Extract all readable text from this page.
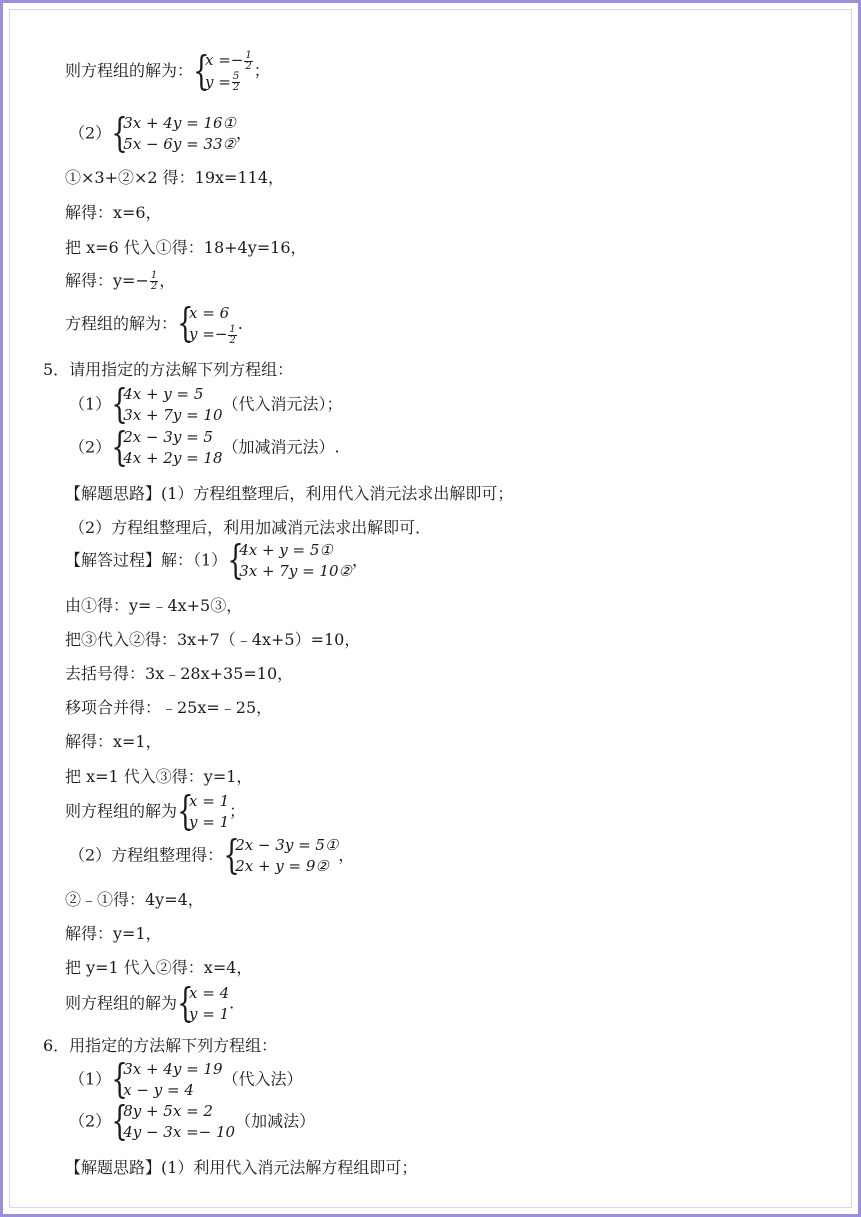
则方程组的解为：
{ $x =- \frac{1}{2}$
$y = \frac{5}{2}$
；
（2）
{ 3x + 4y = 16①
5x − 6y = 33②
，
①×3+②×2 得：19x=114，
解得：x=6，
把 x=6 代入①得：18+4y=16，
解得：$y=- \frac{1}{2}$ ，
方程组的解为：
{ x = 6
$y =- \frac{1}{2}$
.
5．请用指定的方法解下列方程组：
（1）
{ 4x + y = 5
3x + 7y = 10
（代入消元法）；
（2）
{ 2x − 3y = 5
4x + 2y = 18
（加减消元法）.
【解题思路】(1）方程组整理后，利用代入消元法求出解即可；
（2）方程组整理后，利用加减消元法求出解即可．
【解答过程】解：（1）
{ 4x + y = 5①
3x + 7y = 10②
，
由①得：y=﹣4x+5③，
把③代入②得：3x+7（﹣4x+5）=10，
去括号得：3x﹣28x+35=10，
移项合并得：﹣25x=﹣25，
解得：x=1，
把 x=1 代入③得：y=1，
则方程组的解为
{ x = 1
y = 1
；
（2）方程组整理得：
{ 2x − 3y = 5①
2x + y = 9②
，
②﹣①得：4y=4，
解得：y=1，
把 y=1 代入②得：x=4，
则方程组的解为
{ x = 4
y = 1
.
6．用指定的方法解下列方程组：
（1）
{ 3x + 4y = 19
x − y = 4
（代入法）
（2）
{ 8y + 5x = 2
4y − 3x =− 10
（加减法）
【解题思路】(1）利用代入消元法解方程组即可；
